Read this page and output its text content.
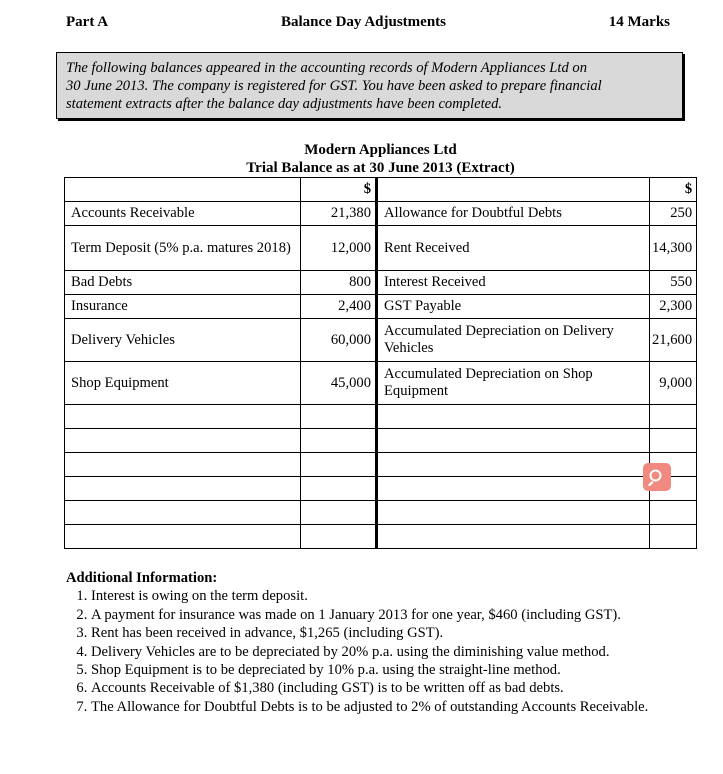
Part A	Balance Day Adjustments	14 Marks
The following balances appeared in the accounting records of Modern Appliances Ltd on
30 June 2013. The company is registered for GST. You have been asked to prepare financial
statement extracts after the balance day adjustments have been completed.
Modern Appliances Ltd
Trial Balance as at 30 June 2013 (Extract)
	$		$
Accounts Receivable	21,380	Allowance for Doubtful Debts	250
Term Deposit (5% p.a. matures 2018)	12,000	Rent Received	14,300
Bad Debts	800	Interest Received	550
Insurance	2,400	GST Payable	2,300
Delivery Vehicles	60,000	Accumulated Depreciation on Delivery Vehicles	21,600
Shop Equipment	45,000	Accumulated Depreciation on Shop Equipment	9,000

Additional Information:
1. Interest is owing on the term deposit.
2. A payment for insurance was made on 1 January 2013 for one year, $460 (including GST).
3. Rent has been received in advance, $1,265 (including GST).
4. Delivery Vehicles are to be depreciated by 20% p.a. using the diminishing value method.
5. Shop Equipment is to be depreciated by 10% p.a. using the straight-line method.
6. Accounts Receivable of $1,380 (including GST) is to be written off as bad debts.
7. The Allowance for Doubtful Debts is to be adjusted to 2% of outstanding Accounts Receivable.
